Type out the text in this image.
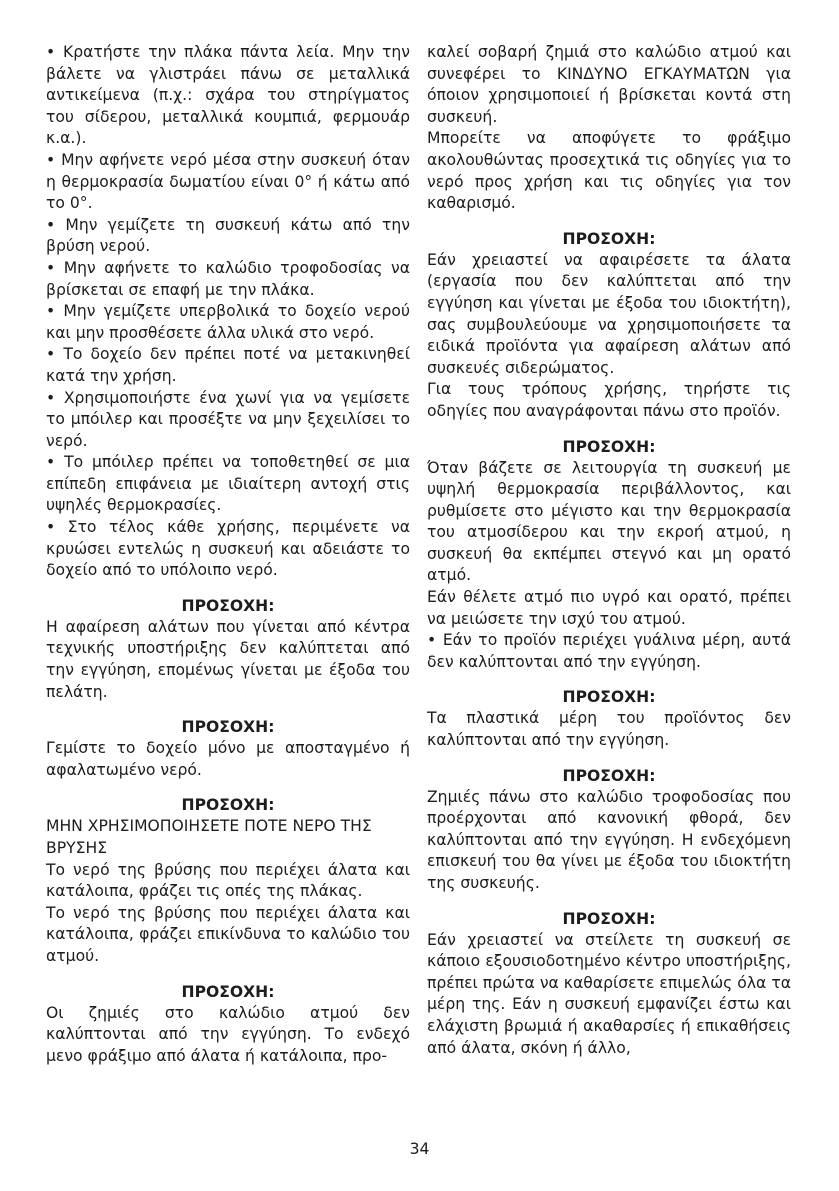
• Κρατήστε την πλάκα πάντα λεία. Μην την βάλετε να γλιστράει πάνω σε μεταλλικά αντικείμενα (π.χ.: σχάρα του στηρίγματος του σίδερου, μεταλλικά κουμπιά, φερμουάρ κ.α.).

• Μην αφήνετε νερό μέσα στην συσκευή όταν η θερμοκρασία δωματίου είναι 0° ή κάτω από το 0°.

• Μην γεμίζετε τη συσκευή κάτω από την βρύση νερού.

• Μην αφήνετε το καλώδιο τροφοδοσίας να βρίσκεται σε επαφή με την πλάκα.

• Μην γεμίζετε υπερβολικά το δοχείο νερού και μην προσθέσετε άλλα υλικά στο νερό.

• Το δοχείο δεν πρέπει ποτέ να μετακινηθεί κατά την χρήση.

• Χρησιμοποιήστε ένα χωνί για να γεμίσετε το μπόιλερ και προσέξτε να μην ξεχειλίσει το νερό.

• Το μπόιλερ πρέπει να τοποθετηθεί σε μια επίπεδη επιφάνεια με ιδιαίτερη αντοχή στις υψηλές θερμοκρασίες.

• Στο τέλος κάθε χρήσης, περιμένετε να κρυώσει εντελώς η συσκευή και αδειάστε το δοχείο από το υπόλοιπο νερό.

ΠΡΟΣΟΧΗ:

Η αφαίρεση αλάτων που γίνεται από κέντρα τεχνικής υποστήριξης δεν καλύπτεται από την εγγύηση, επομένως γίνεται με έξοδα του πελάτη.

ΠΡΟΣΟΧΗ:

Γεμίστε το δοχείο μόνο με αποσταγμένο ή αφαλατωμένο νερό.

ΠΡΟΣΟΧΗ:

ΜΗΝ ΧΡΗΣΙΜΟΠΟΙΗΣΕΤΕ ΠΟΤΕ ΝΕΡΟ ΤΗΣ ΒΡΥΣΗΣ

Το νερό της βρύσης που περιέχει άλατα και κατάλοιπα, φράζει τις οπές της πλάκας.

Το νερό της βρύσης που περιέχει άλατα και κατάλοιπα, φράζει επικίνδυνα το καλώδιο του ατμού.

ΠΡΟΣΟΧΗ:

Οι ζημιές στο καλώδιο ατμού δεν καλύπτονται από την εγγύηση. Το ενδεχό μενο φράξιμο από άλατα ή κατάλοιπα, προ-

καλεί σοβαρή ζημιά στο καλώδιο ατμού και συνεφέρει το ΚΙΝΔΥΝΟ ΕΓΚΑΥΜΑΤΩΝ για όποιον χρησιμοποιεί ή βρίσκεται κοντά στη συσκευή.

Μπορείτε να αποφύγετε το φράξιμο ακολουθώντας προσεχτικά τις οδηγίες για το νερό προς χρήση και τις οδηγίες για τον καθαρισμό.

ΠΡΟΣΟΧΗ:

Εάν χρειαστεί να αφαιρέσετε τα άλατα (εργασία που δεν καλύπτεται από την εγγύηση και γίνεται με έξοδα του ιδιοκτήτη), σας συμβουλεύουμε να χρησιμοποιήσετε τα ειδικά προϊόντα για αφαίρεση αλάτων από συσκευές σιδερώματος.

Για τους τρόπους χρήσης, τηρήστε τις οδηγίες που αναγράφονται πάνω στο προϊόν.

ΠΡΟΣΟΧΗ:

Όταν βάζετε σε λειτουργία τη συσκευή με υψηλή θερμοκρασία περιβάλλοντος, και ρυθμίσετε στο μέγιστο και την θερμοκρασία του ατμοσίδερου και την εκροή ατμού, η συσκευή θα εκπέμπει στεγνό και μη ορατό ατμό.

Εάν θέλετε ατμό πιο υγρό και ορατό, πρέπει να μειώσετε την ισχύ του ατμού.

• Εάν το προϊόν περιέχει γυάλινα μέρη, αυτά δεν καλύπτονται από την εγγύηση.

ΠΡΟΣΟΧΗ:

Τα πλαστικά μέρη του προϊόντος δεν καλύπτονται από την εγγύηση.

ΠΡΟΣΟΧΗ:

Ζημιές πάνω στο καλώδιο τροφοδοσίας που προέρχονται από κανονική φθορά, δεν καλύπτονται από την εγγύηση. Η ενδεχόμενη επισκευή του θα γίνει με έξοδα του ιδιοκτήτη της συσκευής.

ΠΡΟΣΟΧΗ:

Εάν χρειαστεί να στείλετε τη συσκευή σε κάποιο εξουσιοδοτημένο κέντρο υποστήριξης, πρέπει πρώτα να καθαρίσετε επιμελώς όλα τα μέρη της. Εάν η συσκευή εμφανίζει έστω και ελάχιστη βρωμιά ή ακαθαρσίες ή επικαθήσεις από άλατα, σκόνη ή άλλο,

34
